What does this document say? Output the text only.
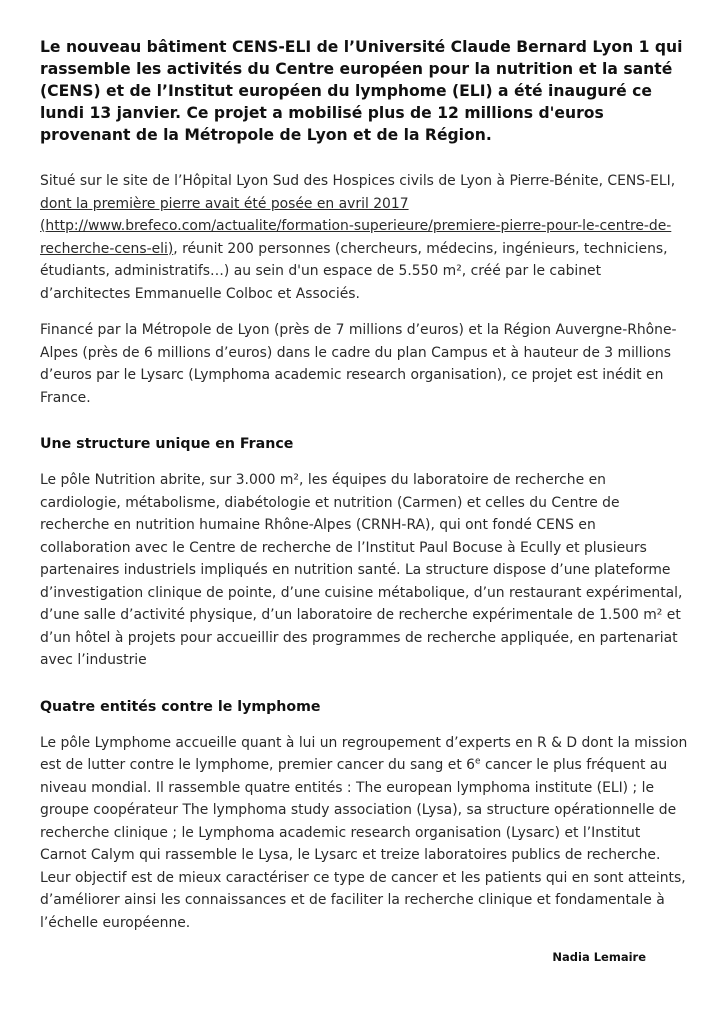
Le nouveau bâtiment CENS-ELI de l’Université Claude Bernard Lyon 1 qui rassemble les activités du Centre européen pour la nutrition et la santé (CENS) et de l’Institut européen du lymphome (ELI) a été inauguré ce lundi 13 janvier. Ce projet a mobilisé plus de 12 millions d'euros provenant de la Métropole de Lyon et de la Région.

Situé sur le site de l’Hôpital Lyon Sud des Hospices civils de Lyon à Pierre-Bénite, CENS-ELI, dont la première pierre avait été posée en avril 2017
(http://www.brefeco.com/actualite/formation-superieure/premiere-pierre-pour-le-centre-de-recherche-cens-eli), réunit 200 personnes (chercheurs, médecins, ingénieurs, techniciens, étudiants, administratifs…) au sein d'un espace de 5.550 m², créé par le cabinet d’architectes Emmanuelle Colboc et Associés.

Financé par la Métropole de Lyon (près de 7 millions d’euros) et la Région Auvergne-Rhône-Alpes (près de 6 millions d’euros) dans le cadre du plan Campus et à hauteur de 3 millions d’euros par le Lysarc (Lymphoma academic research organisation), ce projet est inédit en France.

Une structure unique en France

Le pôle Nutrition abrite, sur 3.000 m², les équipes du laboratoire de recherche en cardiologie, métabolisme, diabétologie et nutrition (Carmen) et celles du Centre de recherche en nutrition humaine Rhône-Alpes (CRNH-RA), qui ont fondé CENS en collaboration avec le Centre de recherche de l’Institut Paul Bocuse à Ecully et plusieurs partenaires industriels impliqués en nutrition santé. La structure dispose d’une plateforme d’investigation clinique de pointe, d’une cuisine métabolique, d’un restaurant expérimental, d’une salle d’activité physique, d’un laboratoire de recherche expérimentale de 1.500 m² et d’un hôtel à projets pour accueillir des programmes de recherche appliquée, en partenariat avec l’industrie

Quatre entités contre le lymphome

Le pôle Lymphome accueille quant à lui un regroupement d’experts en R & D dont la mission est de lutter contre le lymphome, premier cancer du sang et 6e cancer le plus fréquent au niveau mondial. Il rassemble quatre entités : The european lymphoma institute (ELI) ; le groupe coopérateur The lymphoma study association (Lysa), sa structure opérationnelle de recherche clinique ; le Lymphoma academic research organisation (Lysarc) et l’Institut Carnot Calym qui rassemble le Lysa, le Lysarc et treize laboratoires publics de recherche. Leur objectif est de mieux caractériser ce type de cancer et les patients qui en sont atteints, d’améliorer ainsi les connaissances et de faciliter la recherche clinique et fondamentale à l’échelle européenne.

Nadia Lemaire
